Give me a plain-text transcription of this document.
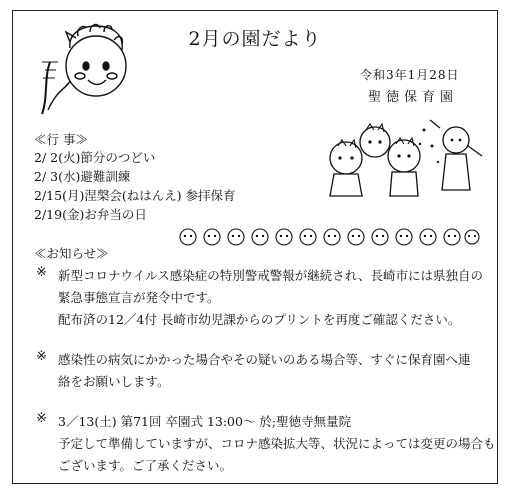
2月の園だより
令和3年1月28日
聖徳保育園
≪行 事≫
2/ 2(火)節分のつどい
2/ 3(水)避難訓練
2/15(月)涅槃会(ねはんえ) 参拝保育
2/19(金)お弁当の日
≪お知らせ≫
※ 新型コロナウイルス感染症の特別警戒警報が継続され、長崎市には県独自の
緊急事態宣言が発令中です。
配布済の12／4付 長崎市幼児課からのプリントを再度ご確認ください。
※ 感染性の病気にかかった場合やその疑いのある場合等、すぐに保育園へ連
絡をお願いします。
※ 3／13(土) 第71回 卒園式 13:00～ 於;聖徳寺無量院
予定して準備していますが、コロナ感染拡大等、状況によっては変更の場合も
ございます。ご了承ください。
